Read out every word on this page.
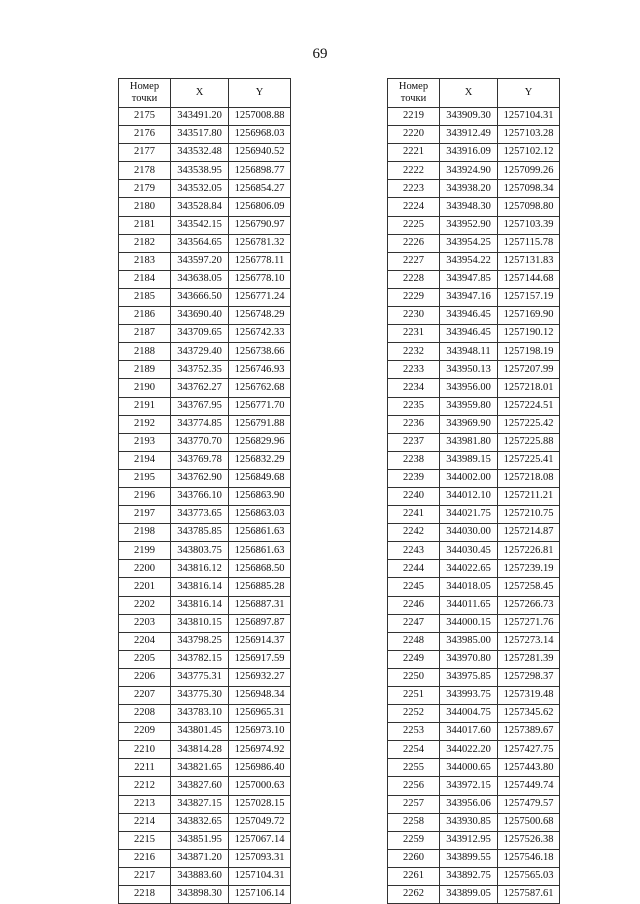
69
Номер
точки	X	Y
2175	343491.20	1257008.88
2176	343517.80	1256968.03
2177	343532.48	1256940.52
2178	343538.95	1256898.77
2179	343532.05	1256854.27
2180	343528.84	1256806.09
2181	343542.15	1256790.97
2182	343564.65	1256781.32
2183	343597.20	1256778.11
2184	343638.05	1256778.10
2185	343666.50	1256771.24
2186	343690.40	1256748.29
2187	343709.65	1256742.33
2188	343729.40	1256738.66
2189	343752.35	1256746.93
2190	343762.27	1256762.68
2191	343767.95	1256771.70
2192	343774.85	1256791.88
2193	343770.70	1256829.96
2194	343769.78	1256832.29
2195	343762.90	1256849.68
2196	343766.10	1256863.90
2197	343773.65	1256863.03
2198	343785.85	1256861.63
2199	343803.75	1256861.63
2200	343816.12	1256868.50
2201	343816.14	1256885.28
2202	343816.14	1256887.31
2203	343810.15	1256897.87
2204	343798.25	1256914.37
2205	343782.15	1256917.59
2206	343775.31	1256932.27
2207	343775.30	1256948.34
2208	343783.10	1256965.31
2209	343801.45	1256973.10
2210	343814.28	1256974.92
2211	343821.65	1256986.40
2212	343827.60	1257000.63
2213	343827.15	1257028.15
2214	343832.65	1257049.72
2215	343851.95	1257067.14
2216	343871.20	1257093.31
2217	343883.60	1257104.31
2218	343898.30	1257106.14
Номер
точки	X	Y
2219	343909.30	1257104.31
2220	343912.49	1257103.28
2221	343916.09	1257102.12
2222	343924.90	1257099.26
2223	343938.20	1257098.34
2224	343948.30	1257098.80
2225	343952.90	1257103.39
2226	343954.25	1257115.78
2227	343954.22	1257131.83
2228	343947.85	1257144.68
2229	343947.16	1257157.19
2230	343946.45	1257169.90
2231	343946.45	1257190.12
2232	343948.11	1257198.19
2233	343950.13	1257207.99
2234	343956.00	1257218.01
2235	343959.80	1257224.51
2236	343969.90	1257225.42
2237	343981.80	1257225.88
2238	343989.15	1257225.41
2239	344002.00	1257218.08
2240	344012.10	1257211.21
2241	344021.75	1257210.75
2242	344030.00	1257214.87
2243	344030.45	1257226.81
2244	344022.65	1257239.19
2245	344018.05	1257258.45
2246	344011.65	1257266.73
2247	344000.15	1257271.76
2248	343985.00	1257273.14
2249	343970.80	1257281.39
2250	343975.85	1257298.37
2251	343993.75	1257319.48
2252	344004.75	1257345.62
2253	344017.60	1257389.67
2254	344022.20	1257427.75
2255	344000.65	1257443.80
2256	343972.15	1257449.74
2257	343956.06	1257479.57
2258	343930.85	1257500.68
2259	343912.95	1257526.38
2260	343899.55	1257546.18
2261	343892.75	1257565.03
2262	343899.05	1257587.61
